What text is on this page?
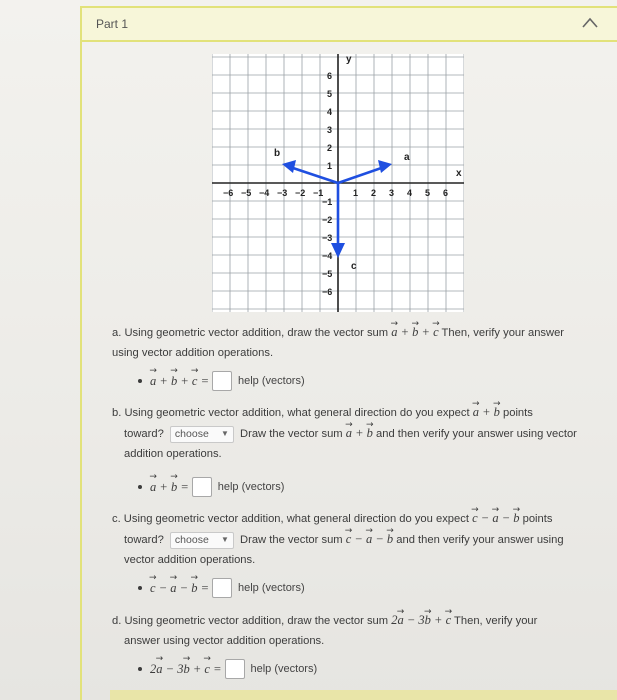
Part 1
−6 −5 −4 −3 −2 −1	1 2 3 4 5 6
6
5
4
3
2
1
−1
−2
−3
−4
−5
−6
x
y
b	a
c
a. Using geometric vector addition, draw the vector sum → a + → b + → c Then, verify your answer
using vector addition operations.
→ a + → b + → c =	help (vectors)
b. Using geometric vector addition, what general direction do you expect → a + → b points
toward? choose ▼ Draw the vector sum → a + → b and then verify your answer using vector
addition operations.
→ a + → b =	help (vectors)
c. Using geometric vector addition, what general direction do you expect → c − → a − → b points
toward? choose ▼ Draw the vector sum → c − → a − → b and then verify your answer using
vector addition operations.
→ c − → a − → b =	help (vectors)
d. Using geometric vector addition, draw the vector sum 2→ a − 3→ b + → c Then, verify your
answer using vector addition operations.
2→ a − 3→ b + → c =	help (vectors)
